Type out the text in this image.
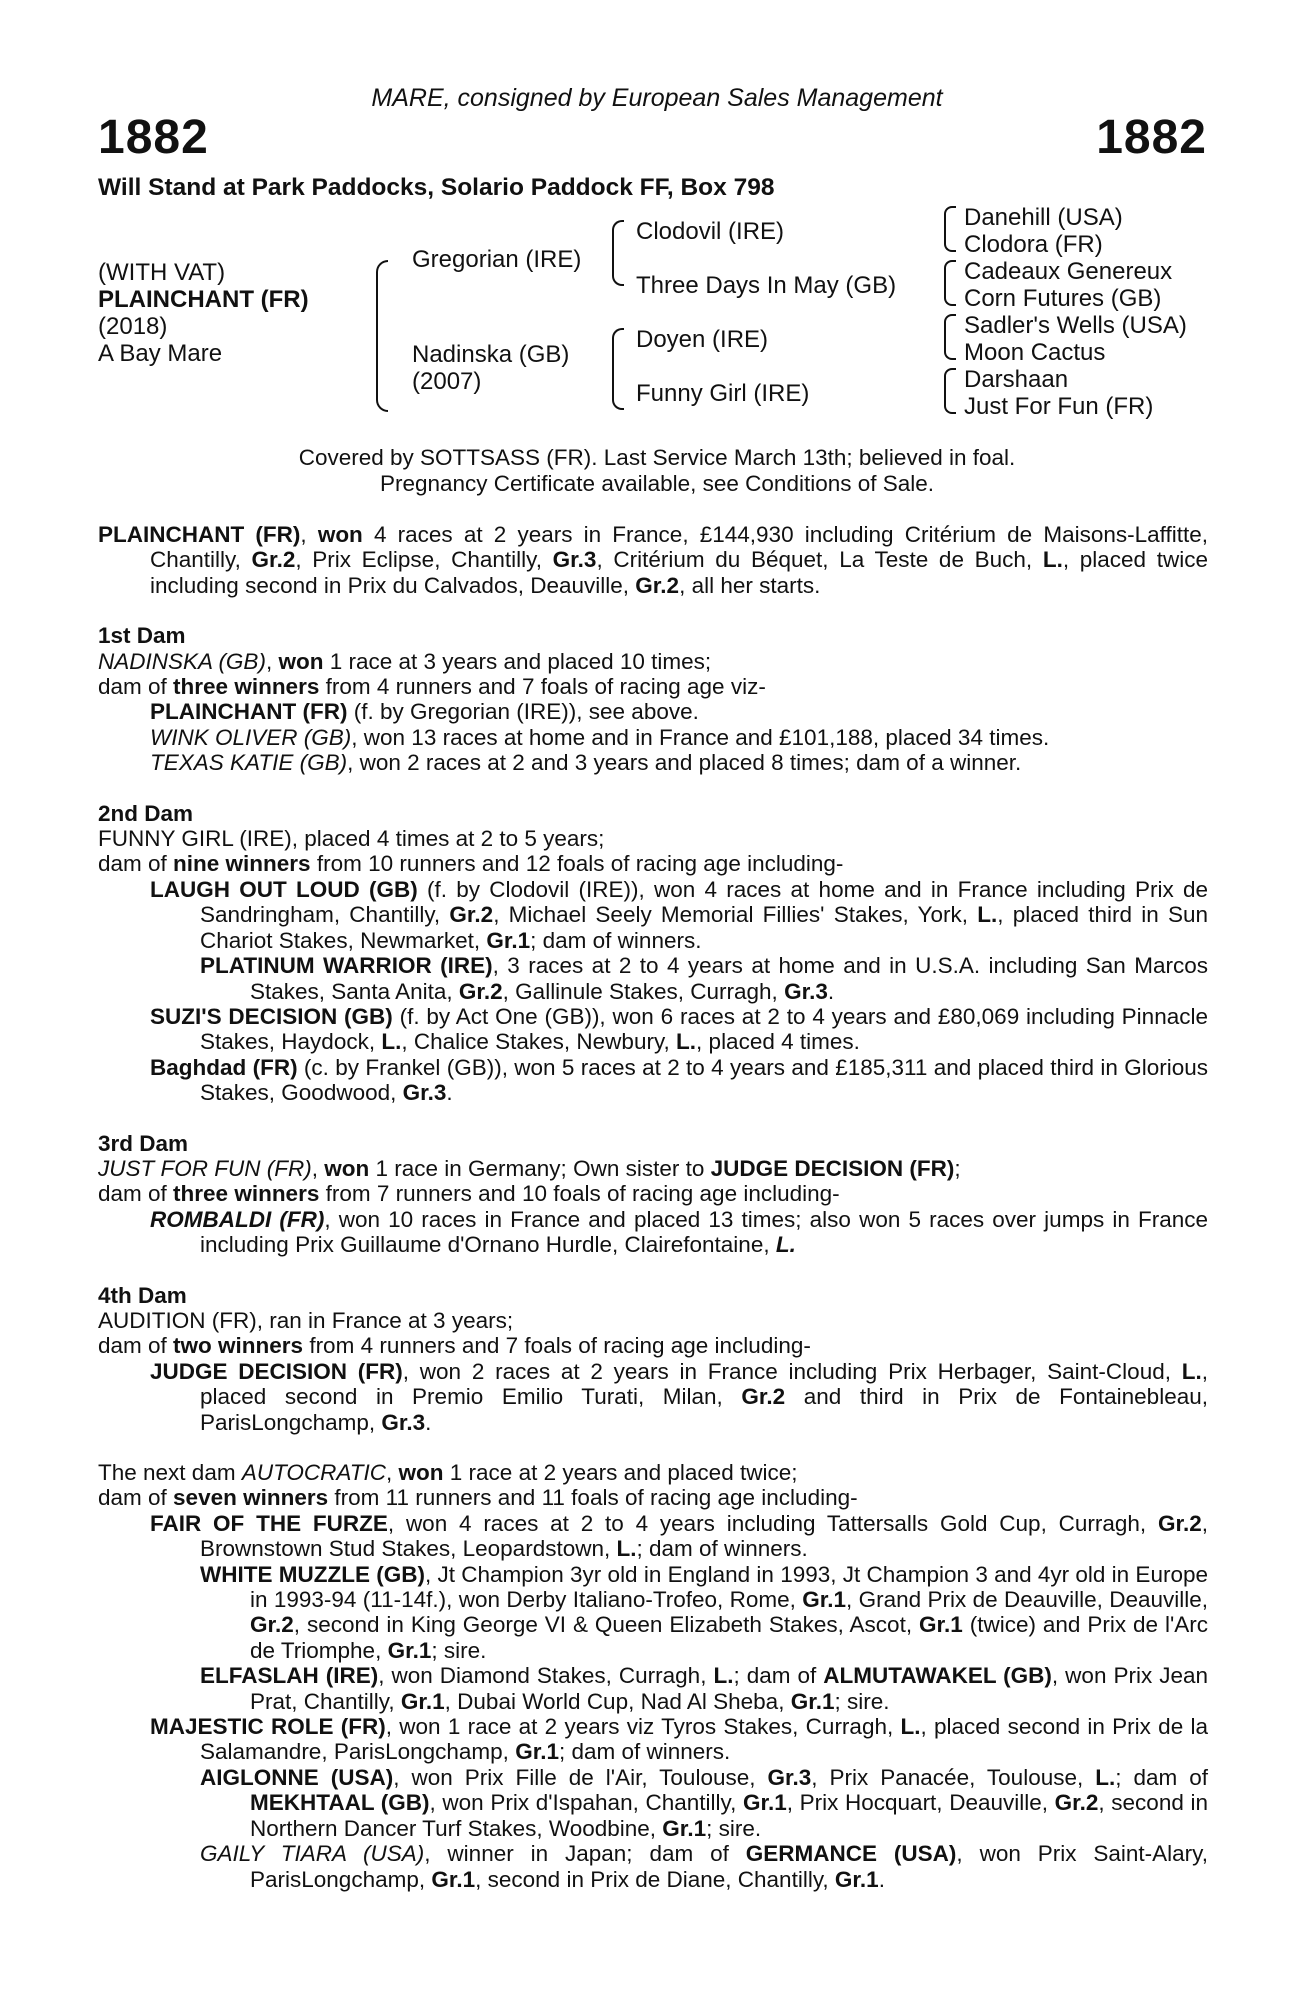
MARE, consigned by European Sales Management
1882	1882
Will Stand at Park Paddocks, Solario Paddock FF, Box 798
(WITH VAT)
PLAINCHANT (FR)
(2018)
A Bay Mare
Gregorian (IRE)
Nadinska (GB)
(2007)
Clodovil (IRE)
Three Days In May (GB)
Doyen (IRE)
Funny Girl (IRE)
Danehill (USA)
Clodora (FR)
Cadeaux Genereux
Corn Futures (GB)
Sadler's Wells (USA)
Moon Cactus
Darshaan
Just For Fun (FR)
Covered by SOTTSASS (FR). Last Service March 13th; believed in foal.
Pregnancy Certificate available, see Conditions of Sale.

PLAINCHANT (FR), won 4 races at 2 years in France, £144,930 including Critérium de Maisons-Laffitte, Chantilly, Gr.2, Prix Eclipse, Chantilly, Gr.3, Critérium du Béquet, La Teste de Buch, L., placed twice including second in Prix du Calvados, Deauville, Gr.2, all her starts.

1st Dam

NADINSKA (GB), won 1 race at 3 years and placed 10 times;

dam of three winners from 4 runners and 7 foals of racing age viz-

PLAINCHANT (FR) (f. by Gregorian (IRE)), see above.

WINK OLIVER (GB), won 13 races at home and in France and £101,188, placed 34 times.

TEXAS KATIE (GB), won 2 races at 2 and 3 years and placed 8 times; dam of a winner.

2nd Dam

FUNNY GIRL (IRE), placed 4 times at 2 to 5 years;

dam of nine winners from 10 runners and 12 foals of racing age including-

LAUGH OUT LOUD (GB) (f. by Clodovil (IRE)), won 4 races at home and in France including Prix de Sandringham, Chantilly, Gr.2, Michael Seely Memorial Fillies' Stakes, York, L., placed third in Sun Chariot Stakes, Newmarket, Gr.1; dam of winners.

PLATINUM WARRIOR (IRE), 3 races at 2 to 4 years at home and in U.S.A. including San Marcos Stakes, Santa Anita, Gr.2, Gallinule Stakes, Curragh, Gr.3.

SUZI'S DECISION (GB) (f. by Act One (GB)), won 6 races at 2 to 4 years and £80,069 including Pinnacle Stakes, Haydock, L., Chalice Stakes, Newbury, L., placed 4 times.

Baghdad (FR) (c. by Frankel (GB)), won 5 races at 2 to 4 years and £185,311 and placed third in Glorious Stakes, Goodwood, Gr.3.

3rd Dam

JUST FOR FUN (FR), won 1 race in Germany; Own sister to JUDGE DECISION (FR);

dam of three winners from 7 runners and 10 foals of racing age including-

ROMBALDI (FR), won 10 races in France and placed 13 times; also won 5 races over jumps in France including Prix Guillaume d'Ornano Hurdle, Clairefontaine, L.

4th Dam

AUDITION (FR), ran in France at 3 years;

dam of two winners from 4 runners and 7 foals of racing age including-

JUDGE DECISION (FR), won 2 races at 2 years in France including Prix Herbager, Saint-Cloud, L., placed second in Premio Emilio Turati, Milan, Gr.2 and third in Prix de Fontainebleau, ParisLongchamp, Gr.3.

The next dam AUTOCRATIC, won 1 race at 2 years and placed twice;

dam of seven winners from 11 runners and 11 foals of racing age including-

FAIR OF THE FURZE, won 4 races at 2 to 4 years including Tattersalls Gold Cup, Curragh, Gr.2, Brownstown Stud Stakes, Leopardstown, L.; dam of winners.

WHITE MUZZLE (GB), Jt Champion 3yr old in England in 1993, Jt Champion 3 and 4yr old in Europe in 1993-94 (11-14f.), won Derby Italiano-Trofeo, Rome, Gr.1, Grand Prix de Deauville, Deauville, Gr.2, second in King George VI & Queen Elizabeth Stakes, Ascot, Gr.1 (twice) and Prix de l'Arc de Triomphe, Gr.1; sire.

ELFASLAH (IRE), won Diamond Stakes, Curragh, L.; dam of ALMUTAWAKEL (GB), won Prix Jean Prat, Chantilly, Gr.1, Dubai World Cup, Nad Al Sheba, Gr.1; sire.

MAJESTIC ROLE (FR), won 1 race at 2 years viz Tyros Stakes, Curragh, L., placed second in Prix de la Salamandre, ParisLongchamp, Gr.1; dam of winners.

AIGLONNE (USA), won Prix Fille de l'Air, Toulouse, Gr.3, Prix Panacée, Toulouse, L.; dam of MEKHTAAL (GB), won Prix d'Ispahan, Chantilly, Gr.1, Prix Hocquart, Deauville, Gr.2, second in Northern Dancer Turf Stakes, Woodbine, Gr.1; sire.

GAILY TIARA (USA), winner in Japan; dam of GERMANCE (USA), won Prix Saint-Alary, ParisLongchamp, Gr.1, second in Prix de Diane, Chantilly, Gr.1.
